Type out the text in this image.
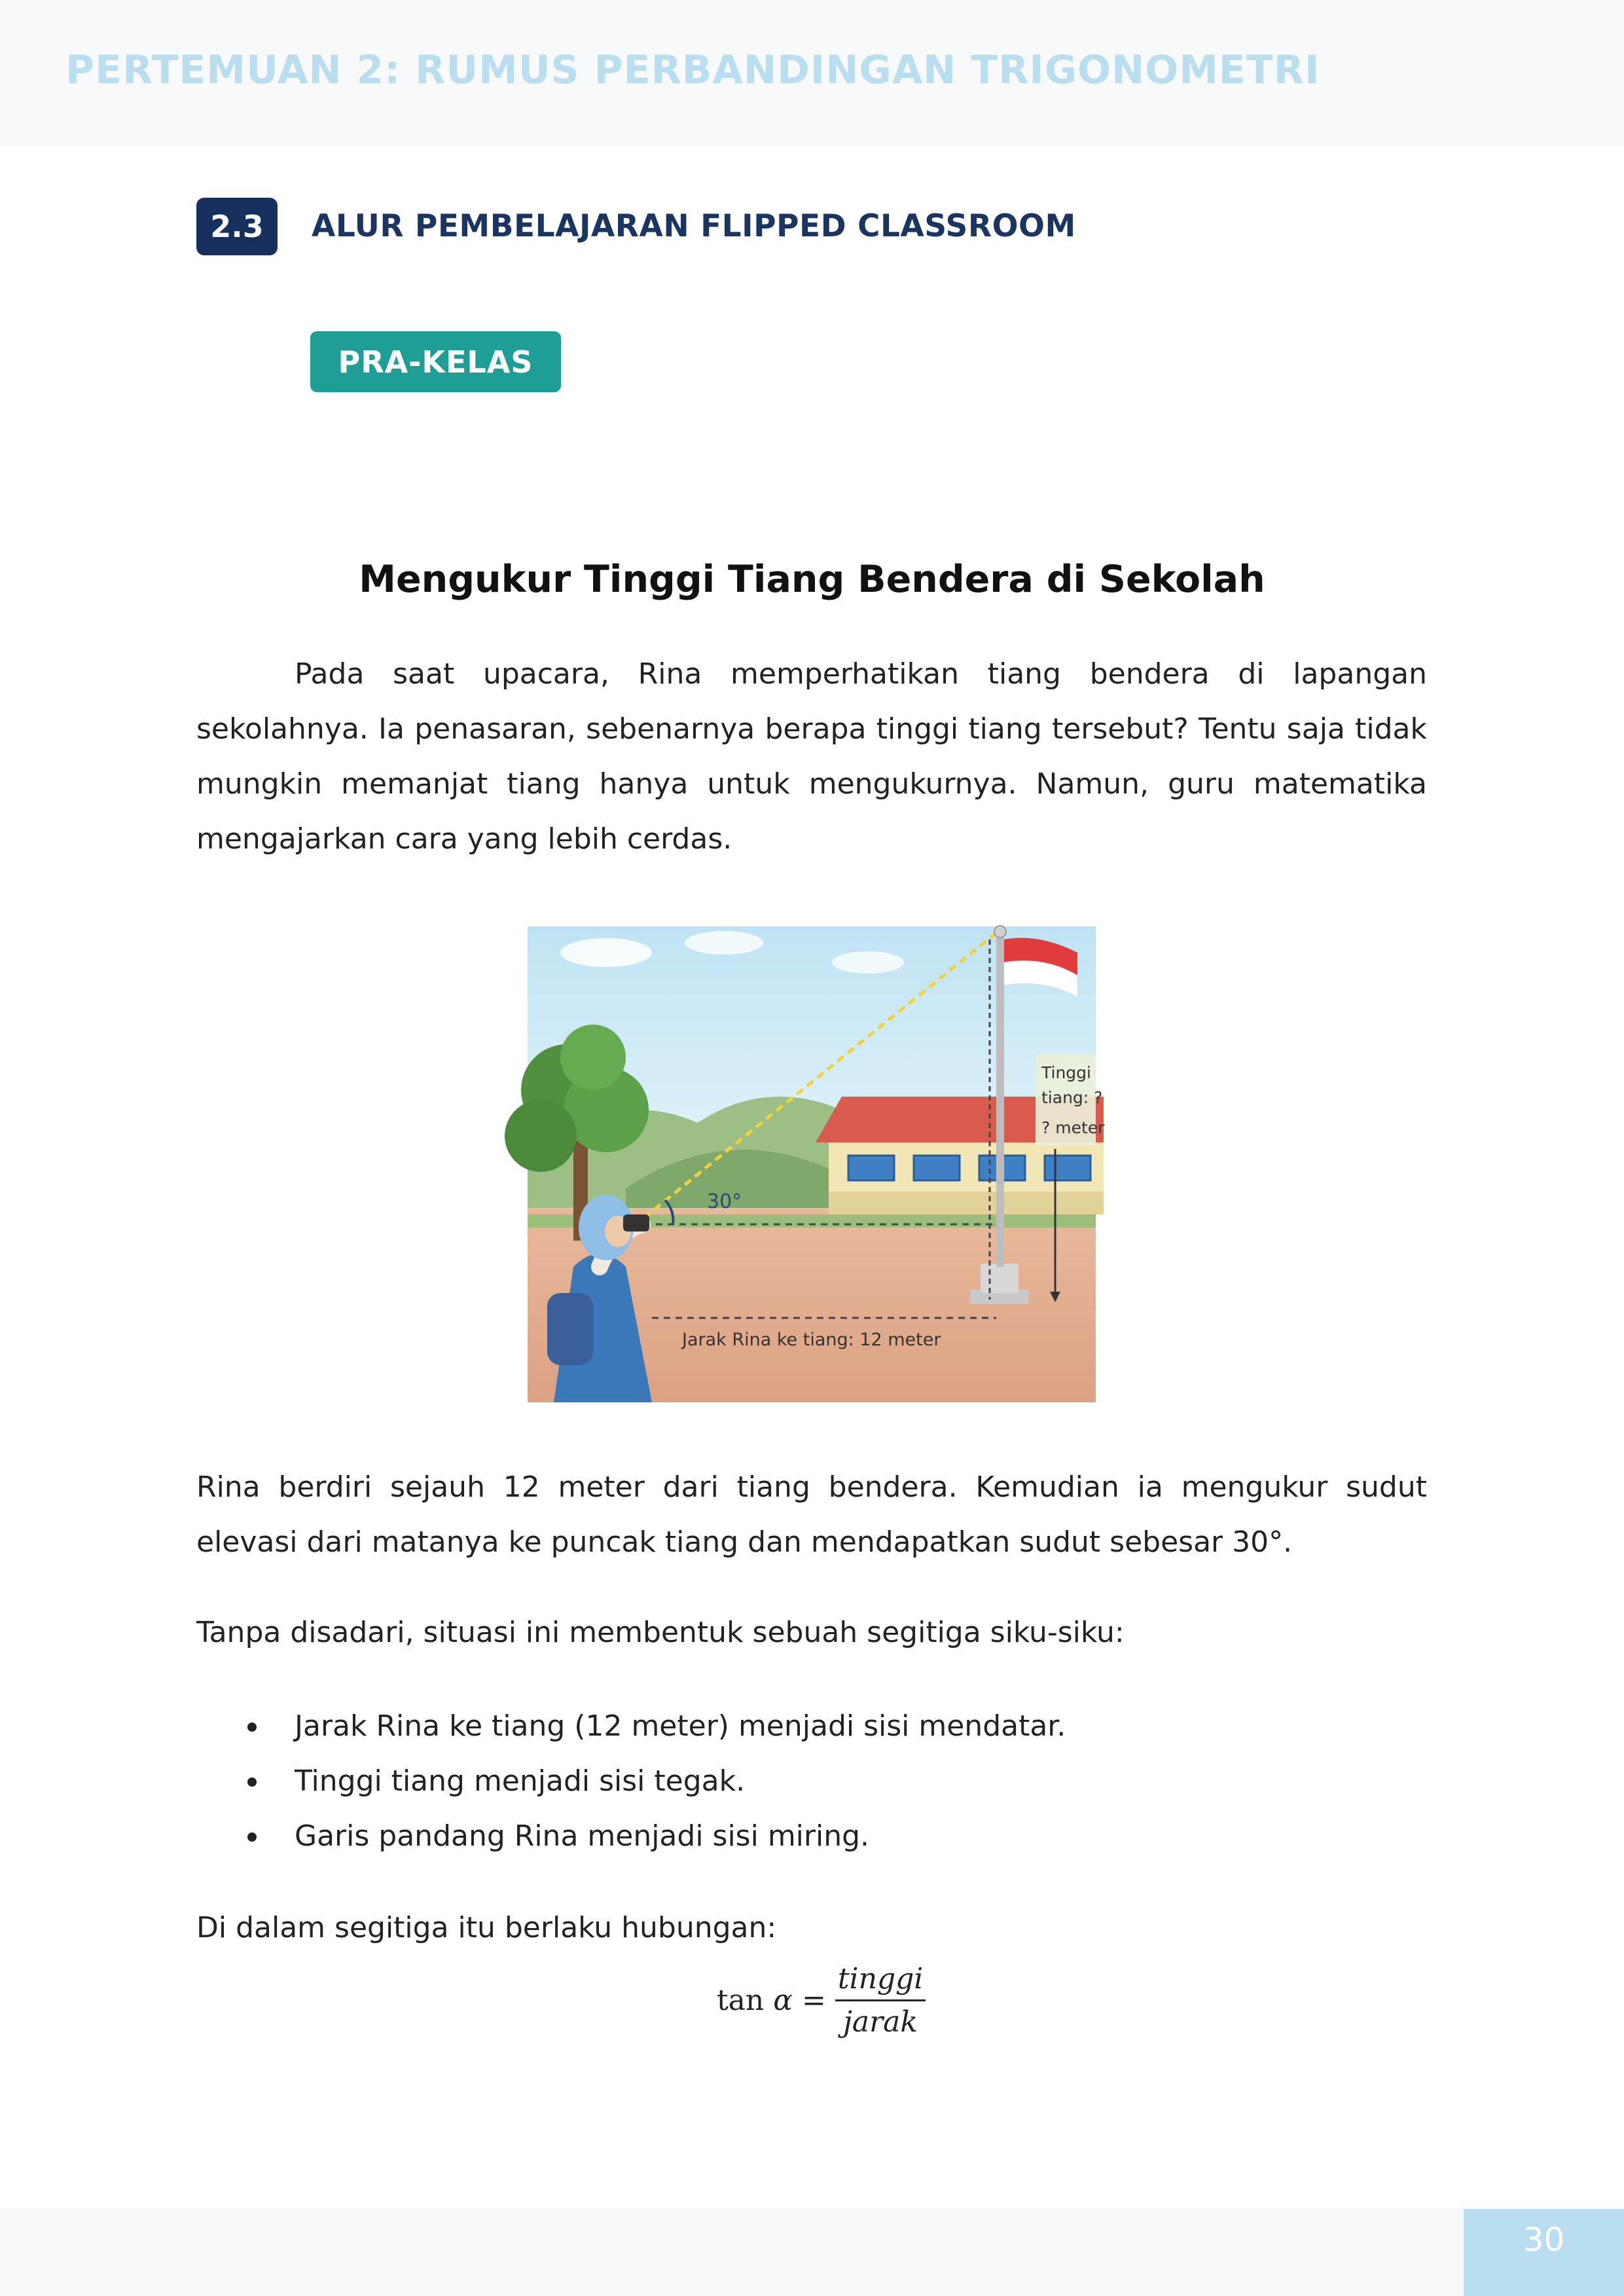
PERTEMUAN 2: RUMUS PERBANDINGAN TRIGONOMETRI
2.3	ALUR PEMBELAJARAN FLIPPED CLASSROOM
PRA-KELAS
Mengukur Tinggi Tiang Bendera di Sekolah

Pada saat upacara, Rina memperhatikan tiang bendera di lapangan sekolahnya. Ia penasaran, sebenarnya berapa tinggi tiang tersebut? Tentu saja tidak mungkin memanjat tiang hanya untuk mengukurnya. Namun, guru matematika mengajarkan cara yang lebih cerdas.

30°
Tinggi
tiang: ?
? meter
Jarak Rina ke tiang: 12 meter

Rina berdiri sejauh 12 meter dari tiang bendera. Kemudian ia mengukur sudut elevasi dari matanya ke puncak tiang dan mendapatkan sudut sebesar 30°.

Tanpa disadari, situasi ini membentuk sebuah segitiga siku-siku:

Jarak Rina ke tiang (12 meter) menjadi sisi mendatar.
Tinggi tiang menjadi sisi tegak.
Garis pandang Rina menjadi sisi miring.

Di dalam segitiga itu berlaku hubungan:

$\tan \alpha = \frac{\text{tinggi}}{\text{jarak}}$
30
